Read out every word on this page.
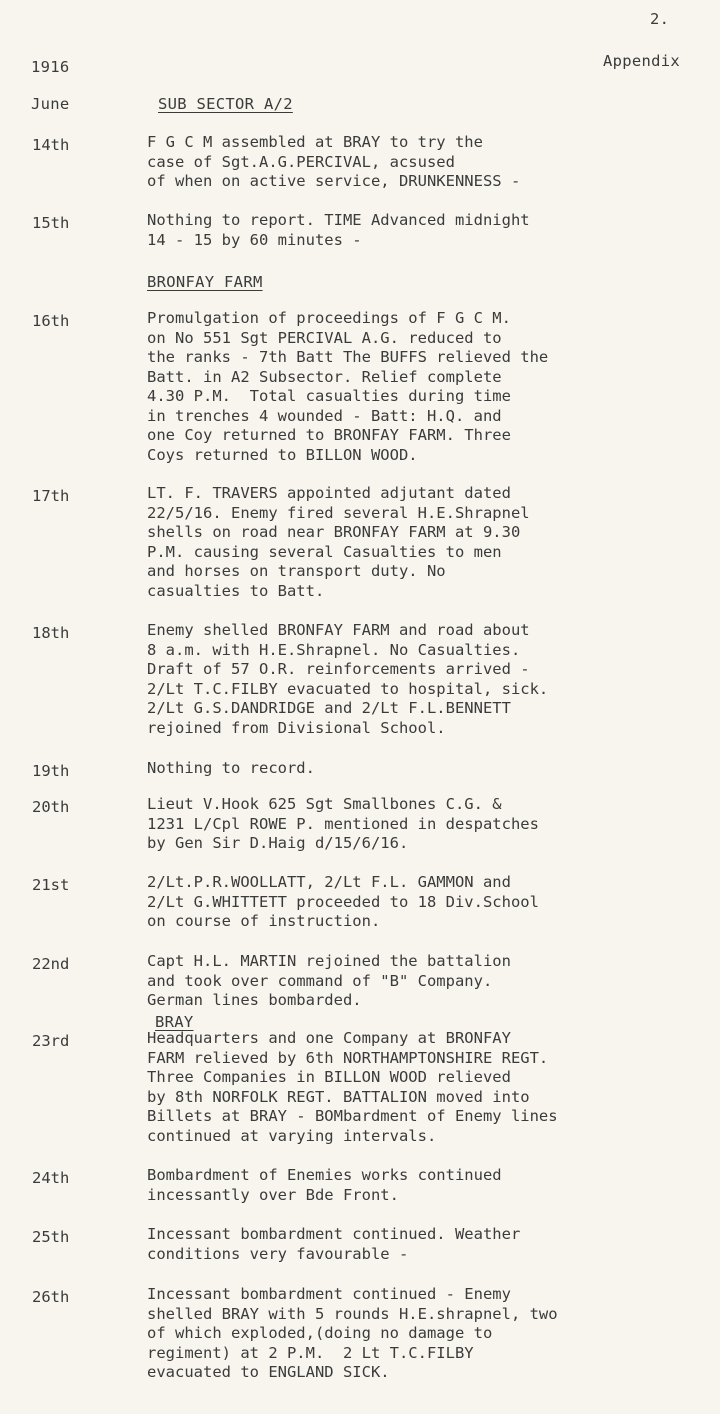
2.
Appendix
1916
June	SUB SECTOR A/2
BRONFAY FARM
BRAY
14th	F G C M assembled at BRAY to try the
case of Sgt.A.G.PERCIVAL, acsused
of when on active service, DRUNKENNESS -
15th	Nothing to report. TIME Advanced midnight
14 - 15 by 60 minutes -
16th	Promulgation of proceedings of F G C M.
on No 551 Sgt PERCIVAL A.G. reduced to
the ranks - 7th Batt The BUFFS relieved the
Batt. in A2 Subsector. Relief complete
4.30 P.M.  Total casualties during time
in trenches 4 wounded - Batt: H.Q. and
one Coy returned to BRONFAY FARM. Three
Coys returned to BILLON WOOD.
17th	LT. F. TRAVERS appointed adjutant dated
22/5/16. Enemy fired several H.E.Shrapnel
shells on road near BRONFAY FARM at 9.30
P.M. causing several Casualties to men
and horses on transport duty. No
casualties to Batt.
18th	Enemy shelled BRONFAY FARM and road about
8 a.m. with H.E.Shrapnel. No Casualties.
Draft of 57 O.R. reinforcements arrived -
2/Lt T.C.FILBY evacuated to hospital, sick.
2/Lt G.S.DANDRIDGE and 2/Lt F.L.BENNETT
rejoined from Divisional School.
19th	Nothing to record.
20th	Lieut V.Hook 625 Sgt Smallbones C.G. &
1231 L/Cpl ROWE P. mentioned in despatches
by Gen Sir D.Haig d/15/6/16.
21st	2/Lt.P.R.WOOLLATT, 2/Lt F.L. GAMMON and
2/Lt G.WHITTETT proceeded to 18 Div.School
on course of instruction.
22nd	Capt H.L. MARTIN rejoined the battalion
and took over command of "B" Company.
German lines bombarded.
23rd	Headquarters and one Company at BRONFAY
FARM relieved by 6th NORTHAMPTONSHIRE REGT.
Three Companies in BILLON WOOD relieved
by 8th NORFOLK REGT. BATTALION moved into
Billets at BRAY - BOMbardment of Enemy lines
continued at varying intervals.
24th	Bombardment of Enemies works continued
incessantly over Bde Front.
25th	Incessant bombardment continued. Weather
conditions very favourable -
26th	Incessant bombardment continued - Enemy
shelled BRAY with 5 rounds H.E.shrapnel, two
of which exploded,(doing no damage to
regiment) at 2 P.M.  2 Lt T.C.FILBY
evacuated to ENGLAND SICK.
